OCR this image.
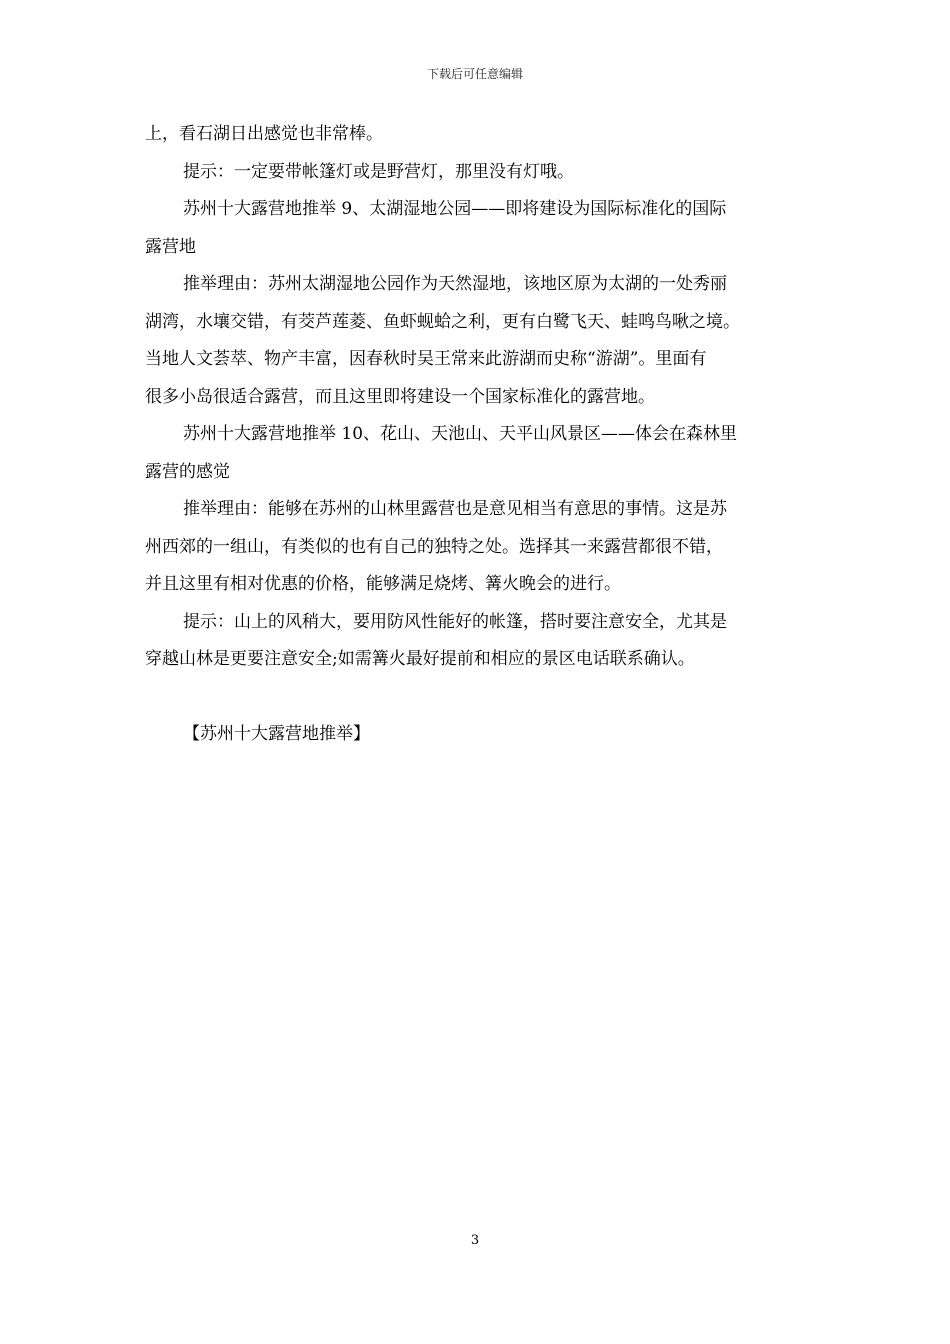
下载后可任意编辑
上，看石湖日出感觉也非常棒。
提示：一定要带帐篷灯或是野营灯，那里没有灯哦。
苏州十大露营地推举 9、太湖湿地公园——即将建设为国际标准化的国际
露营地
推举理由：苏州太湖湿地公园作为天然湿地，该地区原为太湖的一处秀丽
湖湾，水壤交错，有茭芦莲菱、鱼虾蚬蛤之利，更有白鹭飞天、蛙鸣鸟啾之境。
当地人文荟萃、物产丰富，因春秋时吴王常来此游湖而史称“游湖”。里面有
很多小岛很适合露营，而且这里即将建设一个国家标准化的露营地。
苏州十大露营地推举 10、花山、天池山、天平山风景区——体会在森林里
露营的感觉
推举理由：能够在苏州的山林里露营也是意见相当有意思的事情。这是苏
州西郊的一组山，有类似的也有自己的独特之处。选择其一来露营都很不错，
并且这里有相对优惠的价格，能够满足烧烤、篝火晚会的进行。
提示：山上的风稍大，要用防风性能好的帐篷，搭时要注意安全，尤其是
穿越山林是更要注意安全;如需篝火最好提前和相应的景区电话联系确认。
【苏州十大露营地推举】
3
